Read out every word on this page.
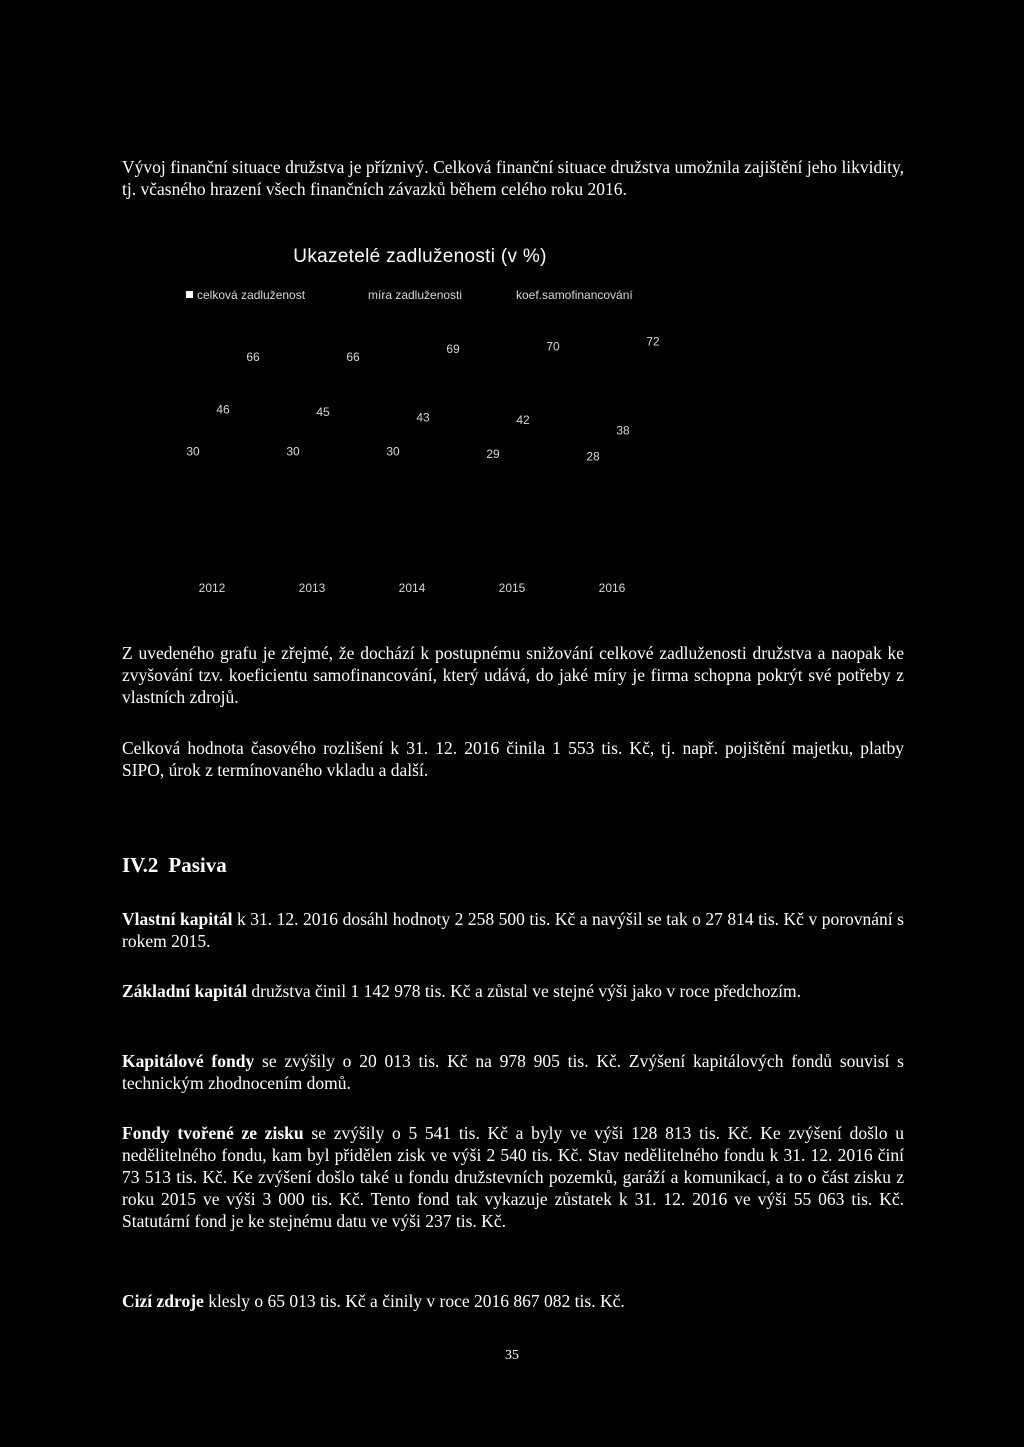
Vývoj finanční situace družstva je příznivý. Celková finanční situace družstva umožnila zajištění jeho likvidity, tj. včasného hrazení všech finančních závazků během celého roku 2016.

Ukazetelé zadluženosti (v %)
celková zadluženost	míra zadluženosti	koef.samofinancování
30
46
66
2012
30
45
66
2013
30
43
69
2014
29
42
70
2015
28
38
72
2016

Z uvedeného grafu je zřejmé, že dochází k postupnému snižování celkové zadluženosti družstva a naopak ke zvyšování tzv. koeficientu samofinancování, který udává, do jaké míry je firma schopna pokrýt své potřeby z vlastních zdrojů.

Celková hodnota časového rozlišení k 31. 12. 2016 činila 1 553 tis. Kč, tj. např. pojištění majetku, platby SIPO, úrok z termínovaného vkladu a další.

IV.2 Pasiva

Vlastní kapitál k 31. 12. 2016 dosáhl hodnoty 2 258 500 tis. Kč a navýšil se tak o 27 814 tis. Kč v porovnání s rokem 2015.

Základní kapitál družstva činil 1 142 978 tis. Kč a zůstal ve stejné výši jako v roce předchozím.

Kapitálové fondy se zvýšily o 20 013 tis. Kč na 978 905 tis. Kč. Zvýšení kapitálových fondů souvisí s technickým zhodnocením domů.

Fondy tvořené ze zisku se zvýšily o 5 541 tis. Kč a byly ve výši 128 813 tis. Kč. Ke zvýšení došlo u nedělitelného fondu, kam byl přidělen zisk ve výši 2 540 tis. Kč. Stav nedělitelného fondu k 31. 12. 2016 činí 73 513 tis. Kč. Ke zvýšení došlo také u fondu družstevních pozemků, garáží a komunikací, a to o část zisku z roku 2015 ve výši 3 000 tis. Kč. Tento fond tak vykazuje zůstatek k 31. 12. 2016 ve výši 55 063 tis. Kč. Statutární fond je ke stejnému datu ve výši 237 tis. Kč.

Cizí zdroje klesly o 65 013 tis. Kč a činily v roce 2016 867 082 tis. Kč.

35
